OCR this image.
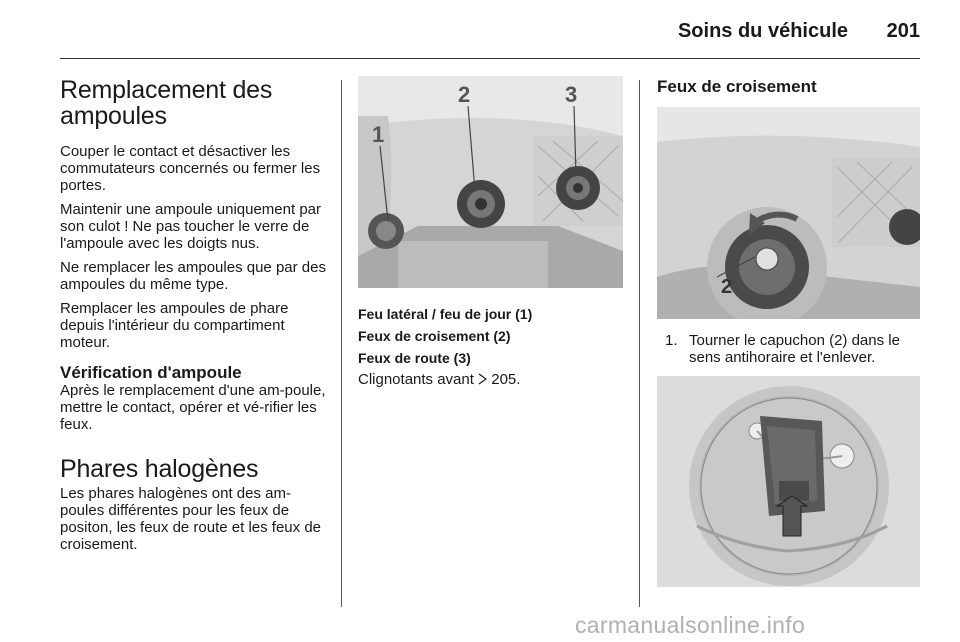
Soins du véhicule 201
Remplacement des ampoules

Couper le contact et désactiver les commutateurs concernés ou fermer les portes.

Maintenir une ampoule uniquement par son culot ! Ne pas toucher le verre de l'ampoule avec les doigts nus.

Ne remplacer les ampoules que par des ampoules du même type.

Remplacer les ampoules de phare depuis l'intérieur du compartiment moteur.

Vérification d'ampoule

Après le remplacement d'une am-poule, mettre le contact, opérer et vé-rifier les feux.

Phares halogènes

Les phares halogènes ont des am-poules différentes pour les feux de positon, les feux de route et les feux de croisement.

1
2	3
Feu latéral / feu de jour (1)
Feux de croisement (2)
Feux de route (3)
Clignotants avant 205.
Feux de croisement
2
1. Tourner le capuchon (2) dans le sens antihoraire et l'enlever.
carmanualsonline.info
